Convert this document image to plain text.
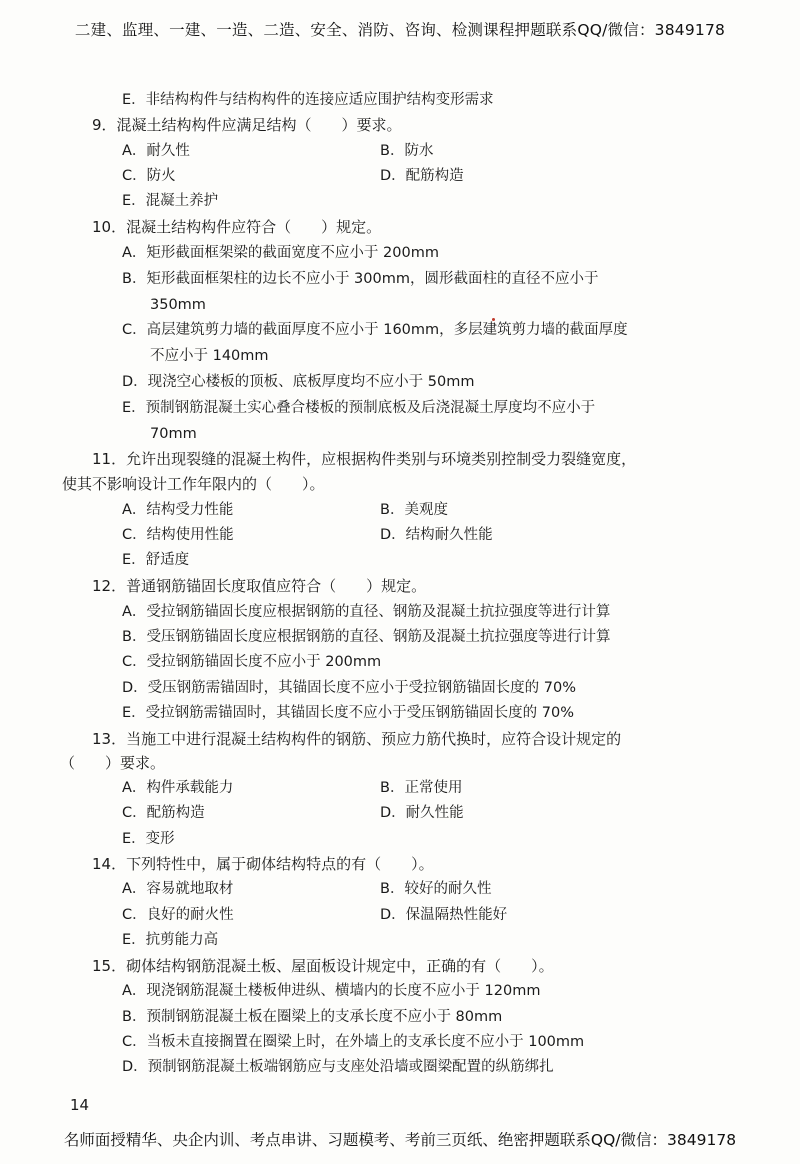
二建、监理、一建、一造、二造、安全、消防、咨询、检测课程押题联系QQ/微信：3849178
E．非结构构件与结构构件的连接应适应围护结构变形需求
9．混凝土结构构件应满足结构（　　）要求。
A．耐久性	B．防水
C．防火	D．配筋构造
E．混凝土养护
10．混凝土结构构件应符合（　　）规定。
A．矩形截面框架梁的截面宽度不应小于 200mm
B．矩形截面框架柱的边长不应小于 300mm，圆形截面柱的直径不应小于
350mm
C．高层建筑剪力墙的截面厚度不应小于 160mm，多层建筑剪力墙的截面厚度
不应小于 140mm
D．现浇空心楼板的顶板、底板厚度均不应小于 50mm
E．预制钢筋混凝土实心叠合楼板的预制底板及后浇混凝土厚度均不应小于
70mm
11．允许出现裂缝的混凝土构件，应根据构件类别与环境类别控制受力裂缝宽度，
使其不影响设计工作年限内的（　　）。
A．结构受力性能	B．美观度
C．结构使用性能	D．结构耐久性能
E．舒适度
12．普通钢筋锚固长度取值应符合（　　）规定。
A．受拉钢筋锚固长度应根据钢筋的直径、钢筋及混凝土抗拉强度等进行计算
B．受压钢筋锚固长度应根据钢筋的直径、钢筋及混凝土抗拉强度等进行计算
C．受拉钢筋锚固长度不应小于 200mm
D．受压钢筋需锚固时，其锚固长度不应小于受拉钢筋锚固长度的 70%
E．受拉钢筋需锚固时，其锚固长度不应小于受压钢筋锚固长度的 70%
13．当施工中进行混凝土结构构件的钢筋、预应力筋代换时，应符合设计规定的
（　　）要求。
A．构件承载能力	B．正常使用
C．配筋构造	D．耐久性能
E．变形
14．下列特性中，属于砌体结构特点的有（　　）。
A．容易就地取材	B．较好的耐久性
C．良好的耐火性	D．保温隔热性能好
E．抗剪能力高
15．砌体结构钢筋混凝土板、屋面板设计规定中，正确的有（　　）。
A．现浇钢筋混凝土楼板伸进纵、横墙内的长度不应小于 120mm
B．预制钢筋混凝土板在圈梁上的支承长度不应小于 80mm
C．当板未直接搁置在圈梁上时，在外墙上的支承长度不应小于 100mm
D．预制钢筋混凝土板端钢筋应与支座处沿墙或圈梁配置的纵筋绑扎
14
名师面授精华、央企内训、考点串讲、习题模考、考前三页纸、绝密押题联系QQ/微信：3849178
